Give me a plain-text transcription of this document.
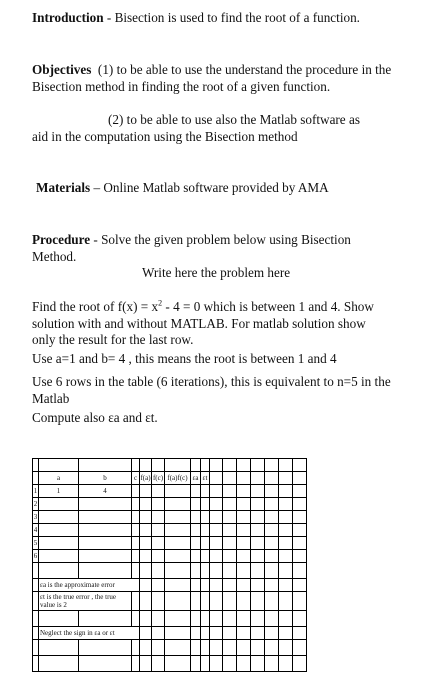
Introduction - Bisection is used to find the root of a function.

Objectives (1) to be able to use the understand the procedure in the Bisection method in finding the root of a given function.

(2) to be able to use also the Matlab software as

aid in the computation using the Bisection method

Materials – Online Matlab software provided by AMA

Procedure - Solve the given problem below using Bisection Method.

Write here the problem here

Find the root of $f(x) = x^2 - 4 = 0$ which is between 1 and 4. Show solution with and without MATLAB. For matlab solution show only the result for the last row.

Use a=1 and b= 4 , this means the root is between 1 and 4

Use 6 rows in the table (6 iterations), this is equivalent to n=5 in the Matlab

Compute also εa and εt.

	a	b	c	f(a)	f(c)	f(a)f(c)	εa	εt							
1	1	4													
2															
3															
4															
5															
6															

	εa is the approximate error														
	εt is the true error , the true value is 2														

	Neglect the sign in εa or εt														
